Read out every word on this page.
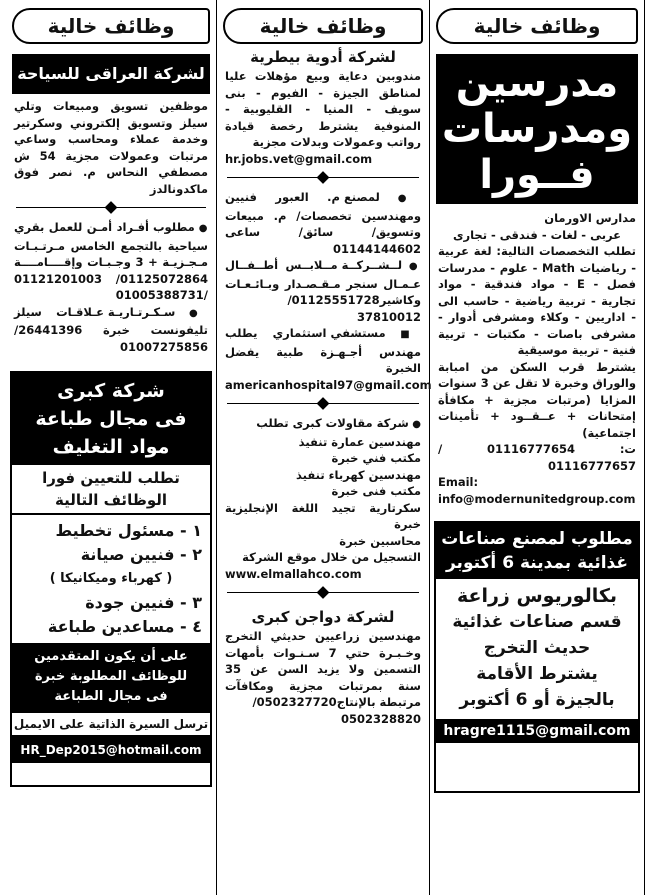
وظائف خالية
مدرسين
ومدرسات
فــورا
مدارس الاورمان
عربى - لغات - فندقى - تجارى
تطلب التخصصات التالية: لغة عربية - رياضيات Math - علوم - مدرسات فصل - E - مواد فندقية - مواد تجارية - تربية رياضية - حاسب الى - اداريين - وكلاء ومشرفى أدوار - مشرفى باصات - مكتبات - تربية فنية - تربية موسيقية
يشترط قرب السكن من امبابة والوراق وخبرة لا تقل عن 3 سنوات المزايا (مرتبات مجزية + مكافأة إمتحانات + عــقــود + تأمينات اجتماعية)
ت: 01116777654 / 01116777657
Email:
info@modernunitedgroup.com
مطلوب لمصنع صناعات غذائية بمدينة 6 أكتوبر
بكالوريوس زراعة
قسم صناعات غذائية
حديث التخرج
يشترط الأقامة
بالجيزة أو 6 أكتوبر
hragre1115@gmail.com
وظائف خالية
لشركة أدوية بيطرية
مندوبين دعاية وبيع مؤهلات عليا لمناطق الجيزة - الفيوم - بنى سويف - المنيا - القليوبية - المنوفية يشترط رخصة قيادة رواتب وعمولات وبدلات مجزية
hr.jobs.vet@gmail.com
● لمصنع م. العبور فنيين ومهندسين تخصصات/ م. مبيعات وتسويق/ سائق/ ساعى 01144144602
● لــشــركــة مــلابــس أطــفــال عـمـال سنجر مـقـصـدار وبـائـعـات وكاشير01125551728/ 37810012
■ مستشفي استثماري يطلب مهندس أجـهـزة طبية يفضل الخبرة
americanhospital97@gmail.com
● شركة مقاولات كبرى تطلب
مهندسين عمارة تنفيذ
مكتب فني خبرة
مهندسين كهرباء تنفيذ
مكتب فنى خبرة
سكرتارية تجيد اللغة الإنجليزية خبرة
محاسبين خبرة
التسجيل من خلال موقع الشركة
www.elmallahco.com
لشركة دواجن كبرى
مهندسين زراعيين حديثي التخرج وخـبـرة حتي 7 سـنـوات بأمهات التسمين ولا يزيد السن عن 35 سنة بمرتبات مجزية ومكافآت مرتبطة بالإنتاج0502327720/
0502328820
وظائف خالية
لشركة العراقى للسياحة
موظفين تسويق ومبيعات وتلي سيلز وتسويق إلكتروني وسكرتير وخدمة عملاء ومحاسب وساعي مرتبات وعمولات مجزية 54 ش مصطفي النحاس م. نصر فوق ماكدونالدز
● مطلوب أفـراد أمـن للعمل بقري سياحية بالتجمع الخامس مـرتـبـات مـجـزيـة + 3 وجـبـات وإقــــامــــة 01125072864/ 01121201003 /01005388731
● سـكـرتـاريـة عـلاقـات سيلز تليفونست خبرة 26441396/ 01007275856
شركة كبرى
فى مجال طباعة
مواد التغليف
تطلب للتعيين فورا
الوظائف التالية
١ - مسئول تخطيط
٢ - فنيين صيانة
( كهرباء وميكانيكا )
٣ - فنيين جودة
٤ - مساعدين طباعة
على أن يكون المتقدمين
للوظائف المطلوبة خبرة
فى مجال الطباعة
ترسل السيرة الذاتية على الايميل
HR_Dep2015@hotmail.com
